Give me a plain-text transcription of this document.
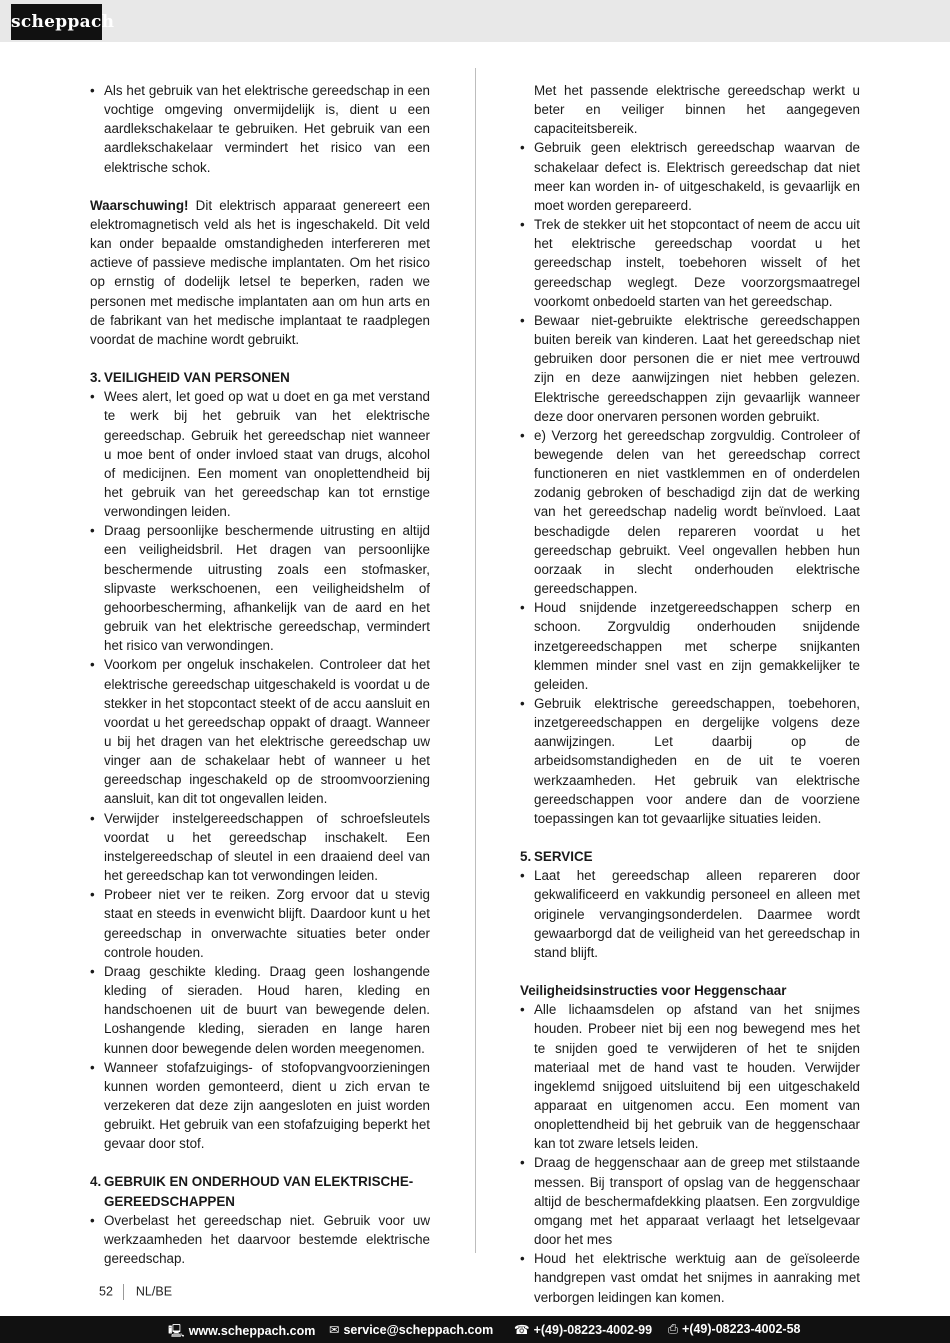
scheppach
• Als het gebruik van het elektrische gereedschap in een vochtige omgeving onvermijdelijk is, dient u een aardlekschakelaar te gebruiken. Het gebruik van een aardlekschakelaar vermindert het risico van een elektrische schok.

Waarschuwing! Dit elektrisch apparaat genereert een elektromagnetisch veld als het is ingeschakeld. Dit veld kan onder bepaalde omstandigheden interfereren met actieve of passieve medische implantaten. Om het risico op ernstig of dodelijk letsel te beperken, raden we personen met medische implantaten aan om hun arts en de fabrikant van het medische implantaat te raadplegen voordat de machine wordt gebruikt.

3. VEILIGHEID VAN PERSONEN

• Wees alert, let goed op wat u doet en ga met verstand te werk bij het gebruik van het elektrische gereedschap. Gebruik het gereedschap niet wanneer u moe bent of onder invloed staat van drugs, alcohol of medicijnen. Een moment van onoplettendheid bij het gebruik van het gereedschap kan tot ernstige verwondingen leiden.
• Draag persoonlijke beschermende uitrusting en altijd een veiligheidsbril. Het dragen van persoonlijke beschermende uitrusting zoals een stofmasker, slipvaste werkschoenen, een veiligheidshelm of gehoorbescherming, afhankelijk van de aard en het gebruik van het elektrische gereedschap, vermindert het risico van verwondingen.
• Voorkom per ongeluk inschakelen. Controleer dat het elektrische gereedschap uitgeschakeld is voordat u de stekker in het stopcontact steekt of de accu aansluit en voordat u het gereedschap oppakt of draagt. Wanneer u bij het dragen van het elektrische gereedschap uw vinger aan de schakelaar hebt of wanneer u het gereedschap ingeschakeld op de stroomvoorziening aansluit, kan dit tot ongevallen leiden.
• Verwijder instelgereedschappen of schroefsleutels voordat u het gereedschap inschakelt. Een instelgereedschap of sleutel in een draaiend deel van het gereedschap kan tot verwondingen leiden.
• Probeer niet ver te reiken. Zorg ervoor dat u stevig staat en steeds in evenwicht blijft. Daardoor kunt u het gereedschap in onverwachte situaties beter onder controle houden.
• Draag geschikte kleding. Draag geen loshangende kleding of sieraden. Houd haren, kleding en handschoenen uit de buurt van bewegende delen. Loshangende kleding, sieraden en lange haren kunnen door bewegende delen worden meegenomen.
• Wanneer stofafzuigings- of stofopvangvoorzieningen kunnen worden gemonteerd, dient u zich ervan te verzekeren dat deze zijn aangesloten en juist worden gebruikt. Het gebruik van een stofafzuiging beperkt het gevaar door stof.

4. GEBRUIK EN ONDERHOUD VAN ELEKTRISCHE-GEREEDSCHAPPEN

• Overbelast het gereedschap niet. Gebruik voor uw werkzaamheden het daarvoor bestemde elektrische gereedschap.

Met het passende elektrische gereedschap werkt u beter en veiliger binnen het aangegeven capaciteitsbereik.

• Gebruik geen elektrisch gereedschap waarvan de schakelaar defect is. Elektrisch gereedschap dat niet meer kan worden in- of uitgeschakeld, is gevaarlijk en moet worden gerepareerd.
• Trek de stekker uit het stopcontact of neem de accu uit het elektrische gereedschap voordat u het gereedschap instelt, toebehoren wisselt of het gereedschap weglegt. Deze voorzorgsmaatregel voorkomt onbedoeld starten van het gereedschap.
• Bewaar niet-gebruikte elektrische gereedschappen buiten bereik van kinderen. Laat het gereedschap niet gebruiken door personen die er niet mee vertrouwd zijn en deze aanwijzingen niet hebben gelezen. Elektrische gereedschappen zijn gevaarlijk wanneer deze door onervaren personen worden gebruikt.
• e) Verzorg het gereedschap zorgvuldig. Controleer of bewegende delen van het gereedschap correct functioneren en niet vastklemmen en of onderdelen zodanig gebroken of beschadigd zijn dat de werking van het gereedschap nadelig wordt beïnvloed. Laat beschadigde delen repareren voordat u het gereedschap gebruikt. Veel ongevallen hebben hun oorzaak in slecht onderhouden elektrische gereedschappen.
• Houd snijdende inzetgereedschappen scherp en schoon. Zorgvuldig onderhouden snijdende inzetgereedschappen met scherpe snijkanten klemmen minder snel vast en zijn gemakkelijker te geleiden.
• Gebruik elektrische gereedschappen, toebehoren, inzetgereedschappen en dergelijke volgens deze aanwijzingen. Let daarbij op de arbeidsomstandigheden en de uit te voeren werkzaamheden. Het gebruik van elektrische gereedschappen voor andere dan de voorziene toepassingen kan tot gevaarlijke situaties leiden.

5. SERVICE

• Laat het gereedschap alleen repareren door gekwalificeerd en vakkundig personeel en alleen met originele vervangingsonderdelen. Daarmee wordt gewaarborgd dat de veiligheid van het gereedschap in stand blijft.

Veiligheidsinstructies voor Heggenschaar

• Alle lichaamsdelen op afstand van het snijmes houden. Probeer niet bij een nog bewegend mes het te snijden goed te verwijderen of het te snijden materiaal met de hand vast te houden. Verwijder ingeklemd snijgoed uitsluitend bij een uitgeschakeld apparaat en uitgenomen accu. Een moment van onoplettendheid bij het gebruik van de heggenschaar kan tot zware letsels leiden.
• Draag de heggenschaar aan de greep met stilstaande messen. Bij transport of opslag van de heggenschaar altijd de beschermafdekking plaatsen. Een zorgvuldige omgang met het apparaat verlaagt het letselgevaar door het mes
• Houd het elektrische werktuig aan de geïsoleerde handgrepen vast omdat het snijmes in aanraking met verborgen leidingen kan komen.
52 NL/BE
🖳 www.scheppach.com ✉ service@scheppach.com ☎ +(49)-08223-4002-99 ⎙ +(49)-08223-4002-58
